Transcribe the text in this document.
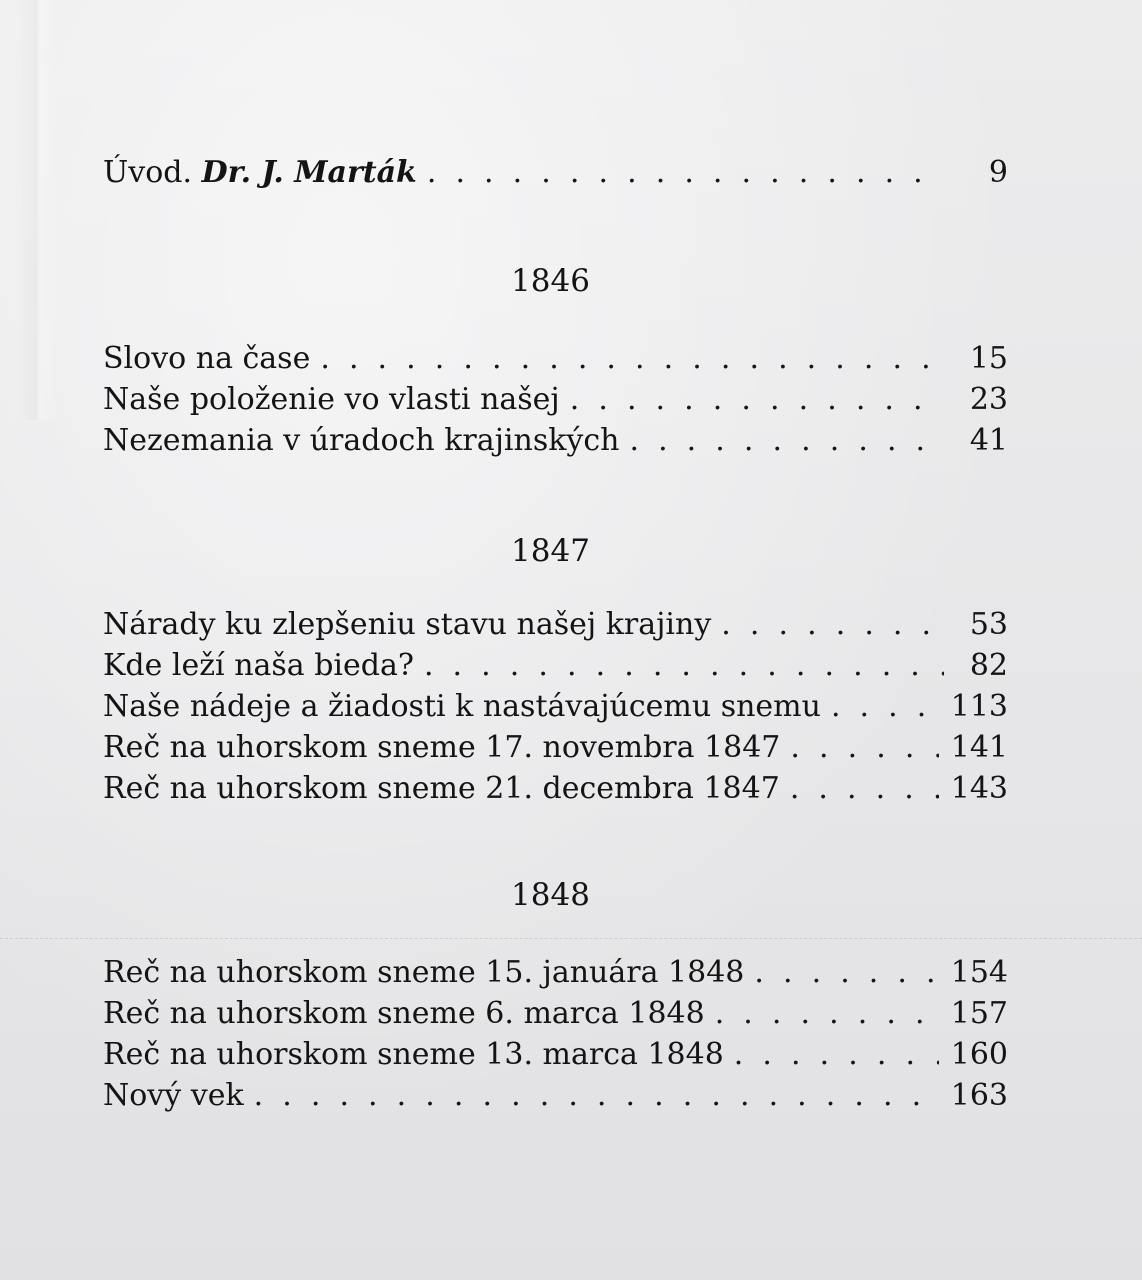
Úvod. Dr. J. Marták . .	9
1846
Slovo na čase . .	15
Naše položenie vo vlasti našej . .	23
Nezemania v úradoch krajinských . .	41
1847
Nárady ku zlepšeniu stavu našej krajiny . .	53
Kde leží naša bieda? . .	82
Naše nádeje a žiadosti k nastávajúcemu snemu . .	113
Reč na uhorskom sneme 17. novembra 1847 . .	141
Reč na uhorskom sneme 21. decembra 1847 . .	143
1848
Reč na uhorskom sneme 15. januára 1848 . .	154
Reč na uhorskom sneme 6. marca 1848 . .	157
Reč na uhorskom sneme 13. marca 1848 . .	160
Nový vek . .	163
